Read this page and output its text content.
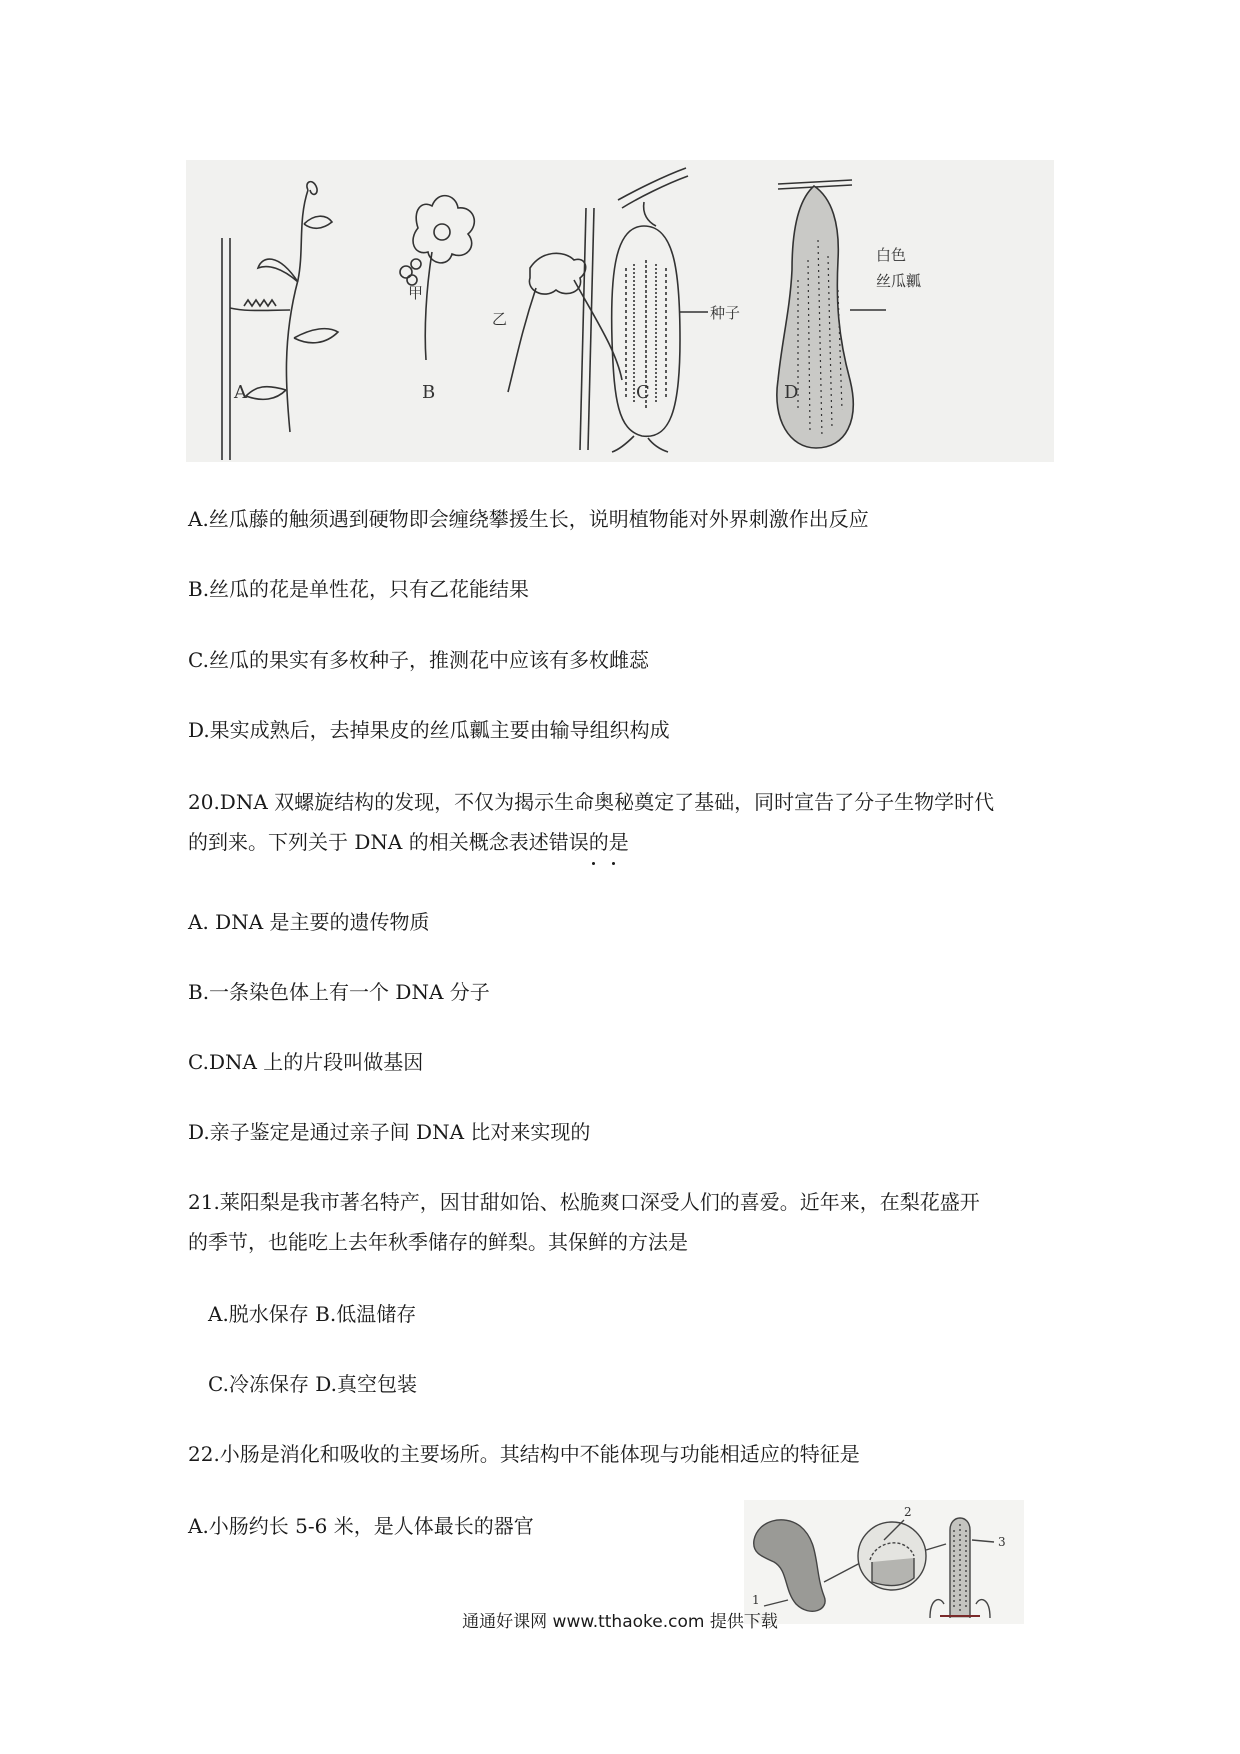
A	B	C	D
甲
乙	种子
白色
丝瓜瓤
A.丝瓜藤的触须遇到硬物即会缠绕攀援生长，说明植物能对外界刺激作出反应
B.丝瓜的花是单性花，只有乙花能结果
C.丝瓜的果实有多枚种子，推测花中应该有多枚雌蕊
D.果实成熟后，去掉果皮的丝瓜瓤主要由输导组织构成
20.DNA 双螺旋结构的发现，不仅为揭示生命奥秘奠定了基础，同时宣告了分子生物学时代
的到来。下列关于 DNA 的相关概念表述错误的是
A. DNA 是主要的遗传物质
B.一条染色体上有一个 DNA 分子
C.DNA 上的片段叫做基因
D.亲子鉴定是通过亲子间 DNA 比对来实现的
21.莱阳梨是我市著名特产，因甘甜如饴、松脆爽口深受人们的喜爱。近年来，在梨花盛开
的季节，也能吃上去年秋季储存的鲜梨。其保鲜的方法是
A.脱水保存 B.低温储存
C.冷冻保存 D.真空包装
22.小肠是消化和吸收的主要场所。其结构中不能体现与功能相适应的特征是
A.小肠约长 5-6 米，是人体最长的器官
1
2
3
通通好课网 www.tthaoke.com 提供下载
